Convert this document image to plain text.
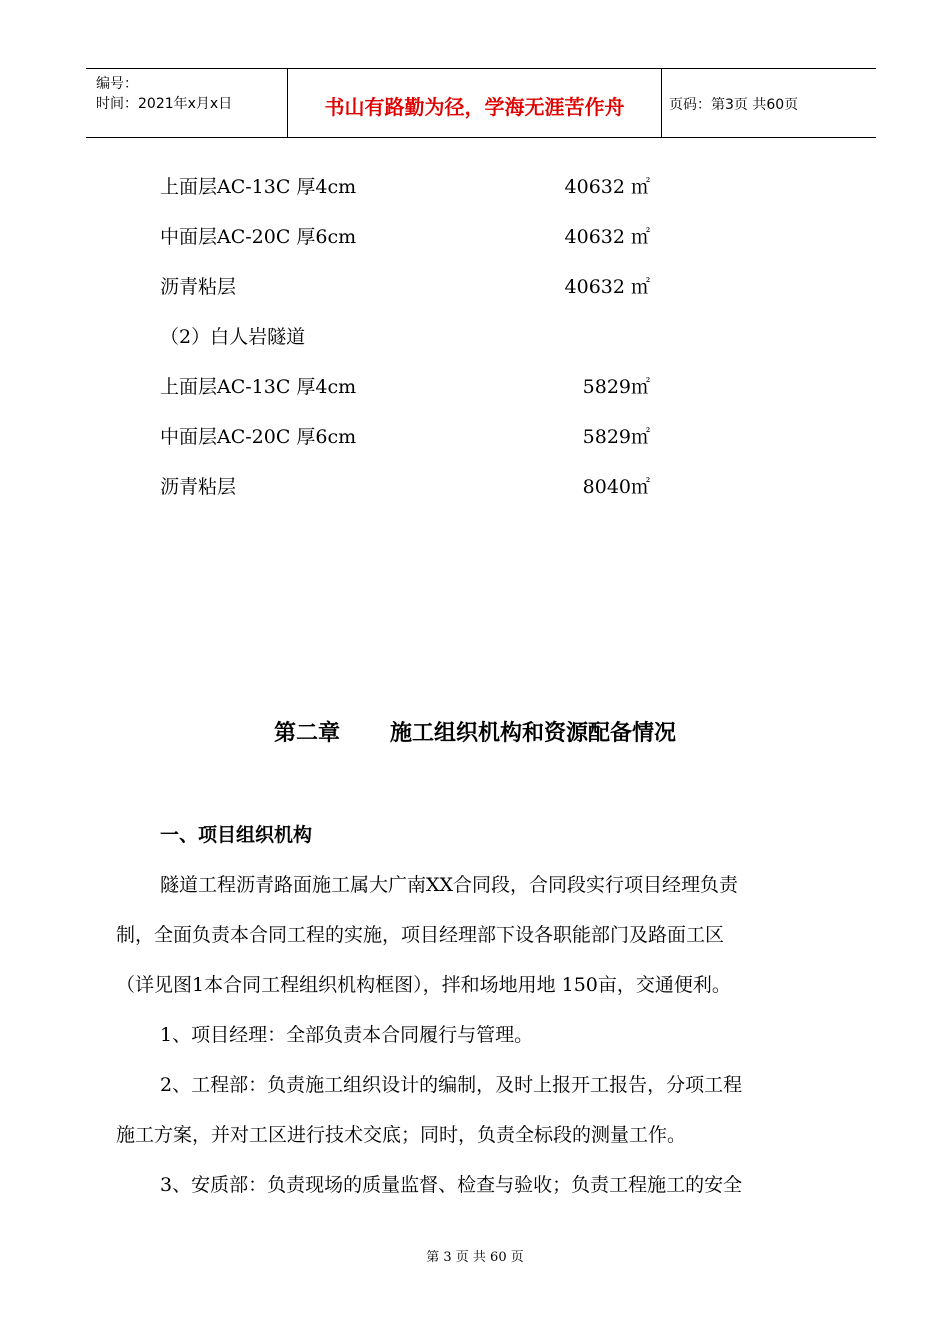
编号：
时间：2021年x月x日	书山有路勤为径，学海无涯苦作舟	页码：第3页 共60页
上面层AC-13C 厚4cm	40632 ㎡
中面层AC-20C 厚6cm	40632 ㎡
沥青粘层	40632 ㎡
（2）白人岩隧道
上面层AC-13C 厚4cm	5829㎡
中面层AC-20C 厚6cm	5829㎡
沥青粘层	8040㎡
第二章 施工组织机构和资源配备情况
一、项目组织机构
隧道工程沥青路面施工属大广南XX合同段，合同段实行项目经理负责
制，全面负责本合同工程的实施，项目经理部下设各职能部门及路面工区
（详见图1本合同工程组织机构框图），拌和场地用地 150亩，交通便利。
1、项目经理：全部负责本合同履行与管理。
2、工程部：负责施工组织设计的编制，及时上报开工报告，分项工程
施工方案，并对工区进行技术交底；同时，负责全标段的测量工作。
3、安质部：负责现场的质量监督、检查与验收；负责工程施工的安全
第 3 页 共 60 页
